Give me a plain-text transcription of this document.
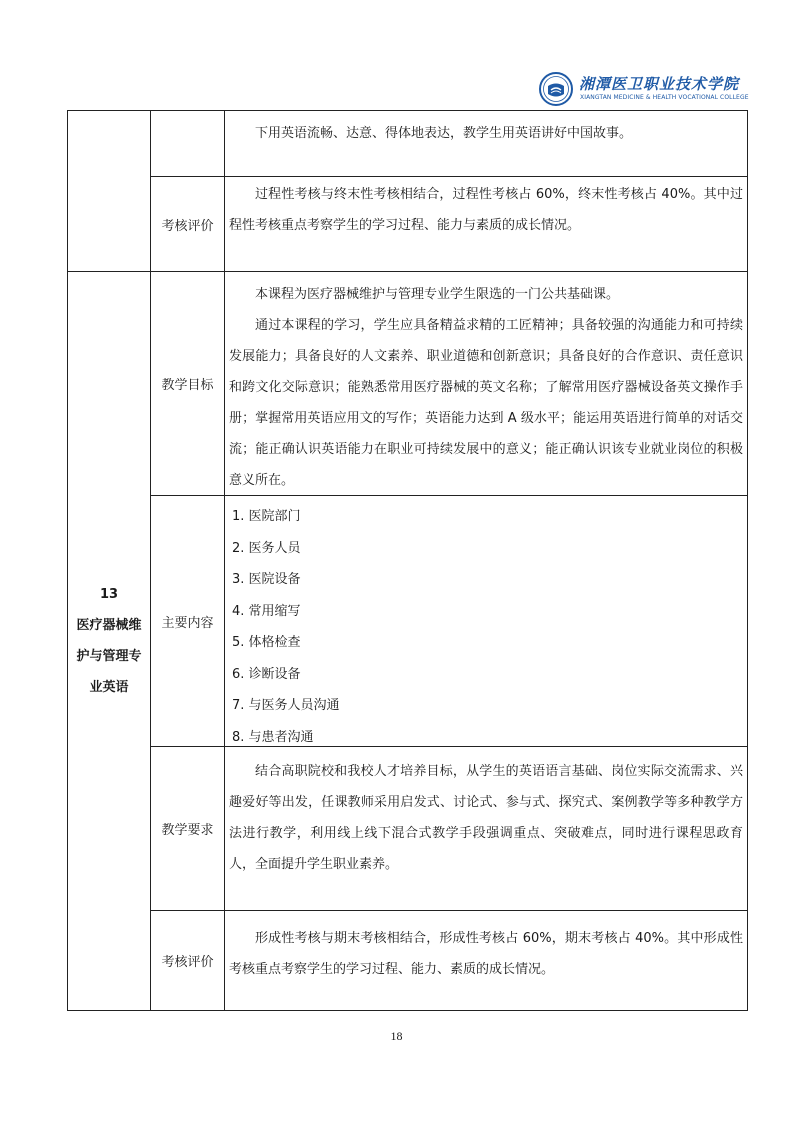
湘潭医卫职业技术学院
XIANGTAN MEDICINE & HEALTH VOCATIONAL COLLEGE

下用英语流畅、达意、得体地表达，教学生用英语讲好中国故事。

考核评价

过程性考核与终末性考核相结合，过程性考核占 60%，终末性考核占 40%。其中过程性考核重点考察学生的学习过程、能力与素质的成长情况。

13
医疗器械维
护与管理专
业英语
教学目标

本课程为医疗器械维护与管理专业学生限选的一门公共基础课。

通过本课程的学习，学生应具备精益求精的工匠精神；具备较强的沟通能力和可持续发展能力；具备良好的人文素养、职业道德和创新意识；具备良好的合作意识、责任意识和跨文化交际意识；能熟悉常用医疗器械的英文名称；了解常用医疗器械设备英文操作手册；掌握常用英语应用文的写作；英语能力达到 A 级水平；能运用英语进行简单的对话交流；能正确认识英语能力在职业可持续发展中的意义；能正确认识该专业就业岗位的积极意义所在。

主要内容
1. 医院部门
2. 医务人员
3. 医院设备
4. 常用缩写
5. 体格检查
6. 诊断设备
7. 与医务人员沟通
8. 与患者沟通
教学要求

结合高职院校和我校人才培养目标，从学生的英语语言基础、岗位实际交流需求、兴趣爱好等出发，任课教师采用启发式、讨论式、参与式、探究式、案例教学等多种教学方法进行教学，利用线上线下混合式教学手段强调重点、突破难点，同时进行课程思政育人，全面提升学生职业素养。

考核评价

形成性考核与期末考核相结合，形成性考核占 60%，期末考核占 40%。其中形成性考核重点考察学生的学习过程、能力、素质的成长情况。

18
